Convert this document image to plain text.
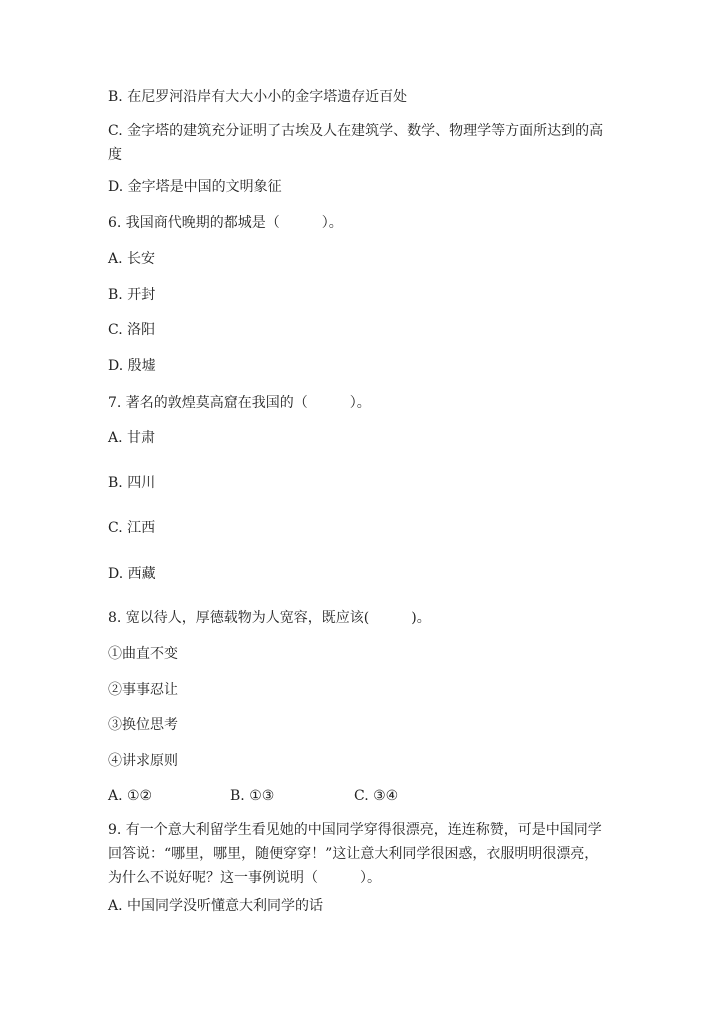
B. 在尼罗河沿岸有大大小小的金字塔遗存近百处
C. 金字塔的建筑充分证明了古埃及人在建筑学、数学、物理学等方面所达到的高度
D. 金字塔是中国的文明象征
6. 我国商代晚期的都城是（　　　）。
A. 长安
B. 开封
C. 洛阳
D. 殷墟
7. 著名的敦煌莫高窟在我国的（　　　）。
A. 甘肃
B. 四川
C. 江西
D. 西藏
8. 宽以待人，厚德载物为人宽容，既应该(　　　)。
①曲直不变
②事事忍让
③换位思考
④讲求原则
A. ①②	B. ①③	C. ③④
9. 有一个意大利留学生看见她的中国同学穿得很漂亮，连连称赞，可是中国同学回答说：“哪里，哪里，随便穿穿！”这让意大利同学很困惑，衣服明明很漂亮，为什么不说好呢？这一事例说明（　　　）。
A. 中国同学没听懂意大利同学的话
